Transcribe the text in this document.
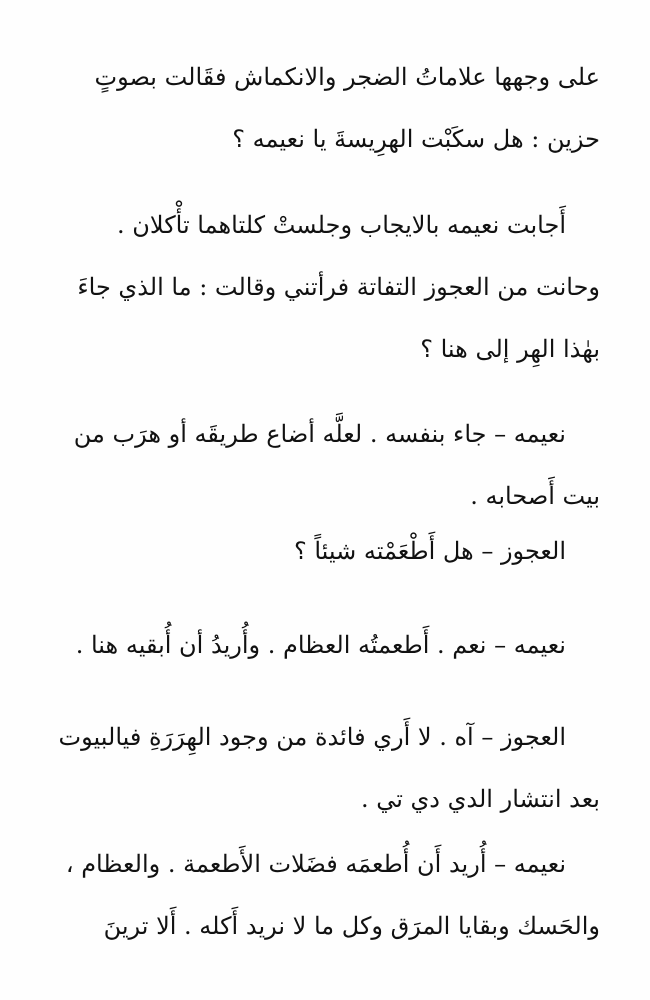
على وجهها علاماتُ الضجر والانكماش فقَالت بصوتٍ
حزين : هل سكَبْت الهرِيسةَ يا نعيمه ؟
أَجابت نعيمه بالايجاب وجلستْ كلتاهما تأْكلان .
وحانت من العجوز التفاتة فرأتني وقالت : ما الذي جاءَ
بهٰذا الهِر إلى هنا ؟
نعيمه – جاء بنفسه . لعلَّه أضاع طريقَه أو هرَب من
بيت أَصحابه .
العجوز – هل أَطْعَمْته شيئاً ؟
نعيمه – نعم . أَطعمتُه العظام . وأُريدُ أن أُبقيه هنا .
العجوز – آه . لا أَري فائدة من وجود الهِرَرَةِ فيالبيوت
بعد انتشار الدي دي تي .
نعيمه – أُريد أَن أُطعمَه فضَلات الأَطعمة . والعظام ،
والحَسك وبقايا المرَق وكل ما لا نريد أَكله . أَلا ترينَ
